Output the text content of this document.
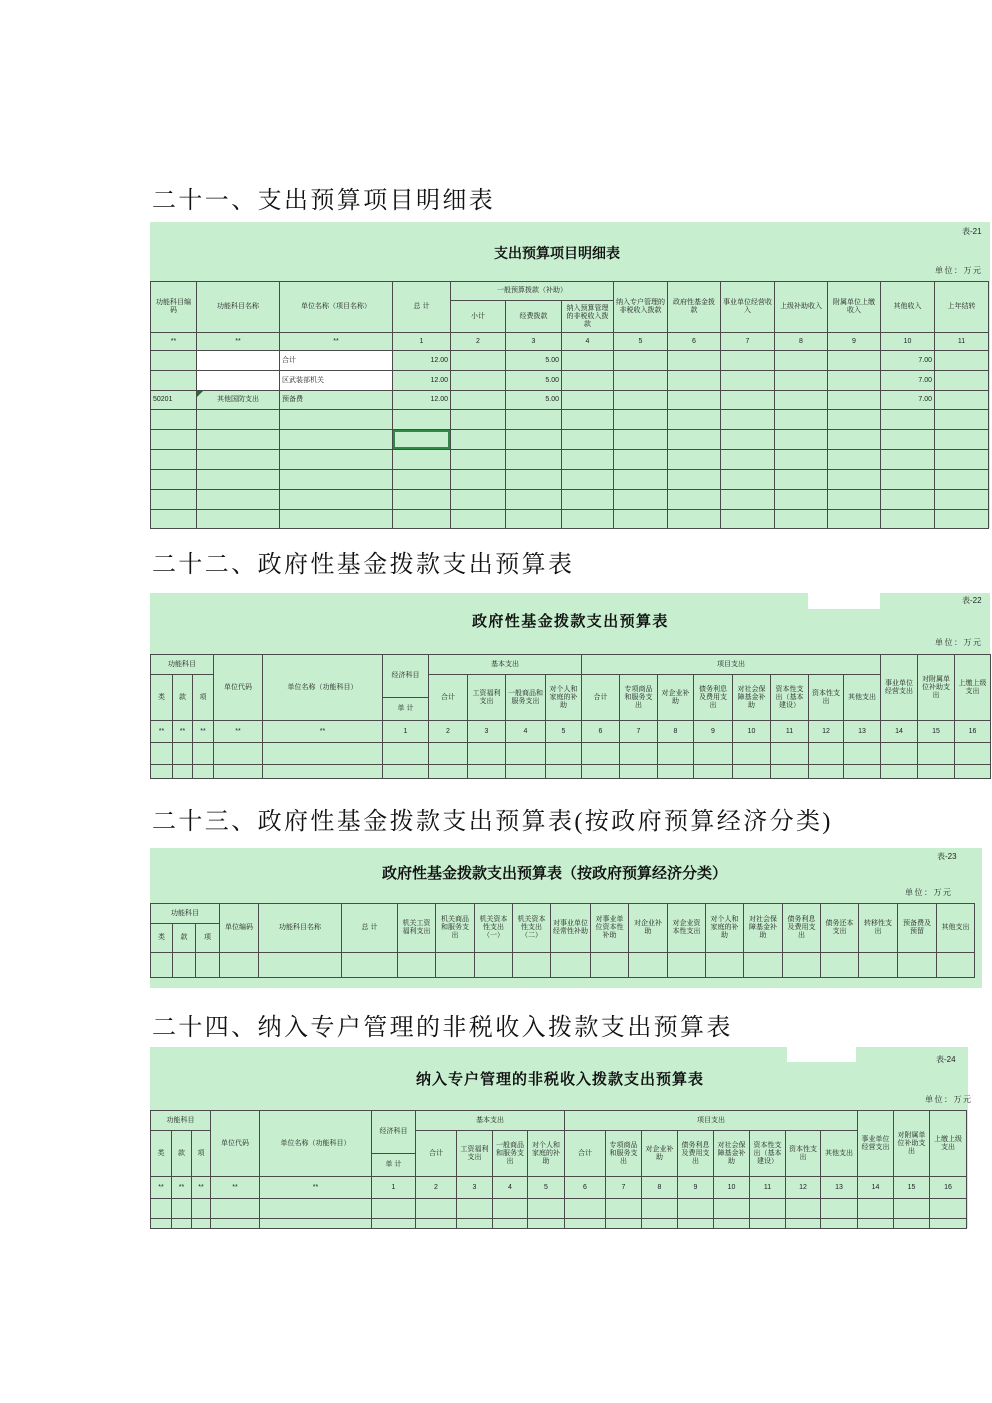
二十一、支出预算项目明细表
表-21
支出预算项目明细表
单位：万元
功能科目编码	功能科目名称	单位名称（项目名称）	总 计	一般预算拨款（补助）			纳入专户管理的非税收入拨款	政府性基金拨款	事业单位经营收入	上级补助收入	附属单位上缴收入	其他收入	上年结转
				小计	经费拨款	纳入预算管理的非税收入拨款							
**	**	**	1	2	3	4	5	6	7	8	9	10	11
		合计	12.00		5.00							7.00	
		区武装部机关	12.00		5.00							7.00	
50201	其他国防支出	预备费	12.00		5.00							7.00	

二十二、政府性基金拨款支出预算表
表-22
政府性基金拨款支出预算表
单位：万元
功能科目			单位代码	单位名称（功能科目）	经济科目	基本支出				项目支出								事业单位经营支出	对附属单位补助支出	上缴上级支出
类	款	项				合计	工资福利支出	一般商品和服务支出	对个人和家庭的补助	合计	专项商品和服务支出	对企业补助	债务利息及费用支出	对社会保障基金补助	资本性支出（基本建设）	资本性支出	其他支出			
					单 计															
**	**	**	**	**	1	2	3	4	5	6	7	8	9	10	11	12	13	14	15	16

二十三、政府性基金拨款支出预算表(按政府预算经济分类)
表-23
政府性基金拨款支出预算表（按政府预算经济分类）
单位：万元
功能科目			单位编码	功能科目名称	总 计	机关工资福利支出	机关商品和服务支出	机关资本性支出（一）	机关资本性支出（二）	对事业单位经常性补助	对事业单位资本性补助	对企业补助	对企业资本性支出	对个人和家庭的补助	对社会保障基金补助	债务利息及费用支出	债务还本支出	转移性支出	预备费及预留	其他支出
类	款	项																		

二十四、纳入专户管理的非税收入拨款支出预算表
表-24
纳入专户管理的非税收入拨款支出预算表
单位：万元
功能科目			单位代码	单位名称（功能科目）	经济科目	基本支出				项目支出								事业单位经营支出	对附属单位补助支出	上缴上级支出
类	款	项				合计	工资福利支出	一般商品和服务支出	对个人和家庭的补助	合计	专项商品和服务支出	对企业补助	债务利息及费用支出	对社会保障基金补助	资本性支出（基本建设）	资本性支出	其他支出			
					单 计															
**	**	**	**	**	1	2	3	4	5	6	7	8	9	10	11	12	13	14	15	16
